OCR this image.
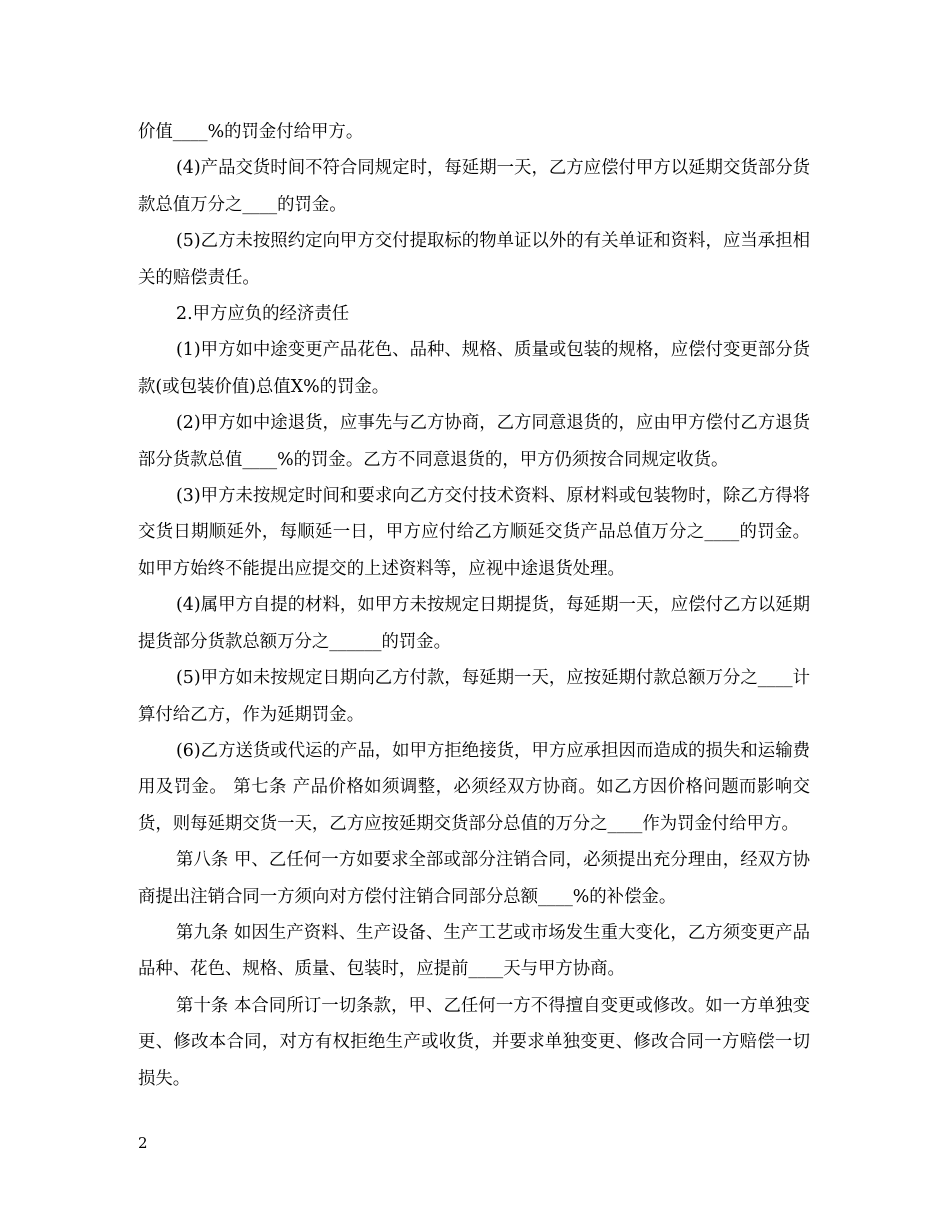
价值____%的罚金付给甲方。

(4)产品交货时间不符合同规定时，每延期一天，乙方应偿付甲方以延期交货部分货款总值万分之____的罚金。

(5)乙方未按照约定向甲方交付提取标的物单证以外的有关单证和资料，应当承担相关的赔偿责任。

2.甲方应负的经济责任

(1)甲方如中途变更产品花色、品种、规格、质量或包装的规格，应偿付变更部分货款(或包装价值)总值X%的罚金。

(2)甲方如中途退货，应事先与乙方协商，乙方同意退货的，应由甲方偿付乙方退货部分货款总值____%的罚金。乙方不同意退货的，甲方仍须按合同规定收货。

(3)甲方未按规定时间和要求向乙方交付技术资料、原材料或包装物时，除乙方得将交货日期顺延外，每顺延一日，甲方应付给乙方顺延交货产品总值万分之____的罚金。如甲方始终不能提出应提交的上述资料等，应视中途退货处理。

(4)属甲方自提的材料，如甲方未按规定日期提货，每延期一天，应偿付乙方以延期提货部分货款总额万分之______的罚金。

(5)甲方如未按规定日期向乙方付款，每延期一天，应按延期付款总额万分之____计算付给乙方，作为延期罚金。

(6)乙方送货或代运的产品，如甲方拒绝接货，甲方应承担因而造成的损失和运输费用及罚金。 第七条 产品价格如须调整，必须经双方协商。如乙方因价格问题而影响交货，则每延期交货一天，乙方应按延期交货部分总值的万分之____作为罚金付给甲方。

第八条 甲、乙任何一方如要求全部或部分注销合同，必须提出充分理由，经双方协商提出注销合同一方须向对方偿付注销合同部分总额____%的补偿金。

第九条 如因生产资料、生产设备、生产工艺或市场发生重大变化，乙方须变更产品品种、花色、规格、质量、包装时，应提前____天与甲方协商。

第十条 本合同所订一切条款，甲、乙任何一方不得擅自变更或修改。如一方单独变更、修改本合同，对方有权拒绝生产或收货，并要求单独变更、修改合同一方赔偿一切损失。

2
